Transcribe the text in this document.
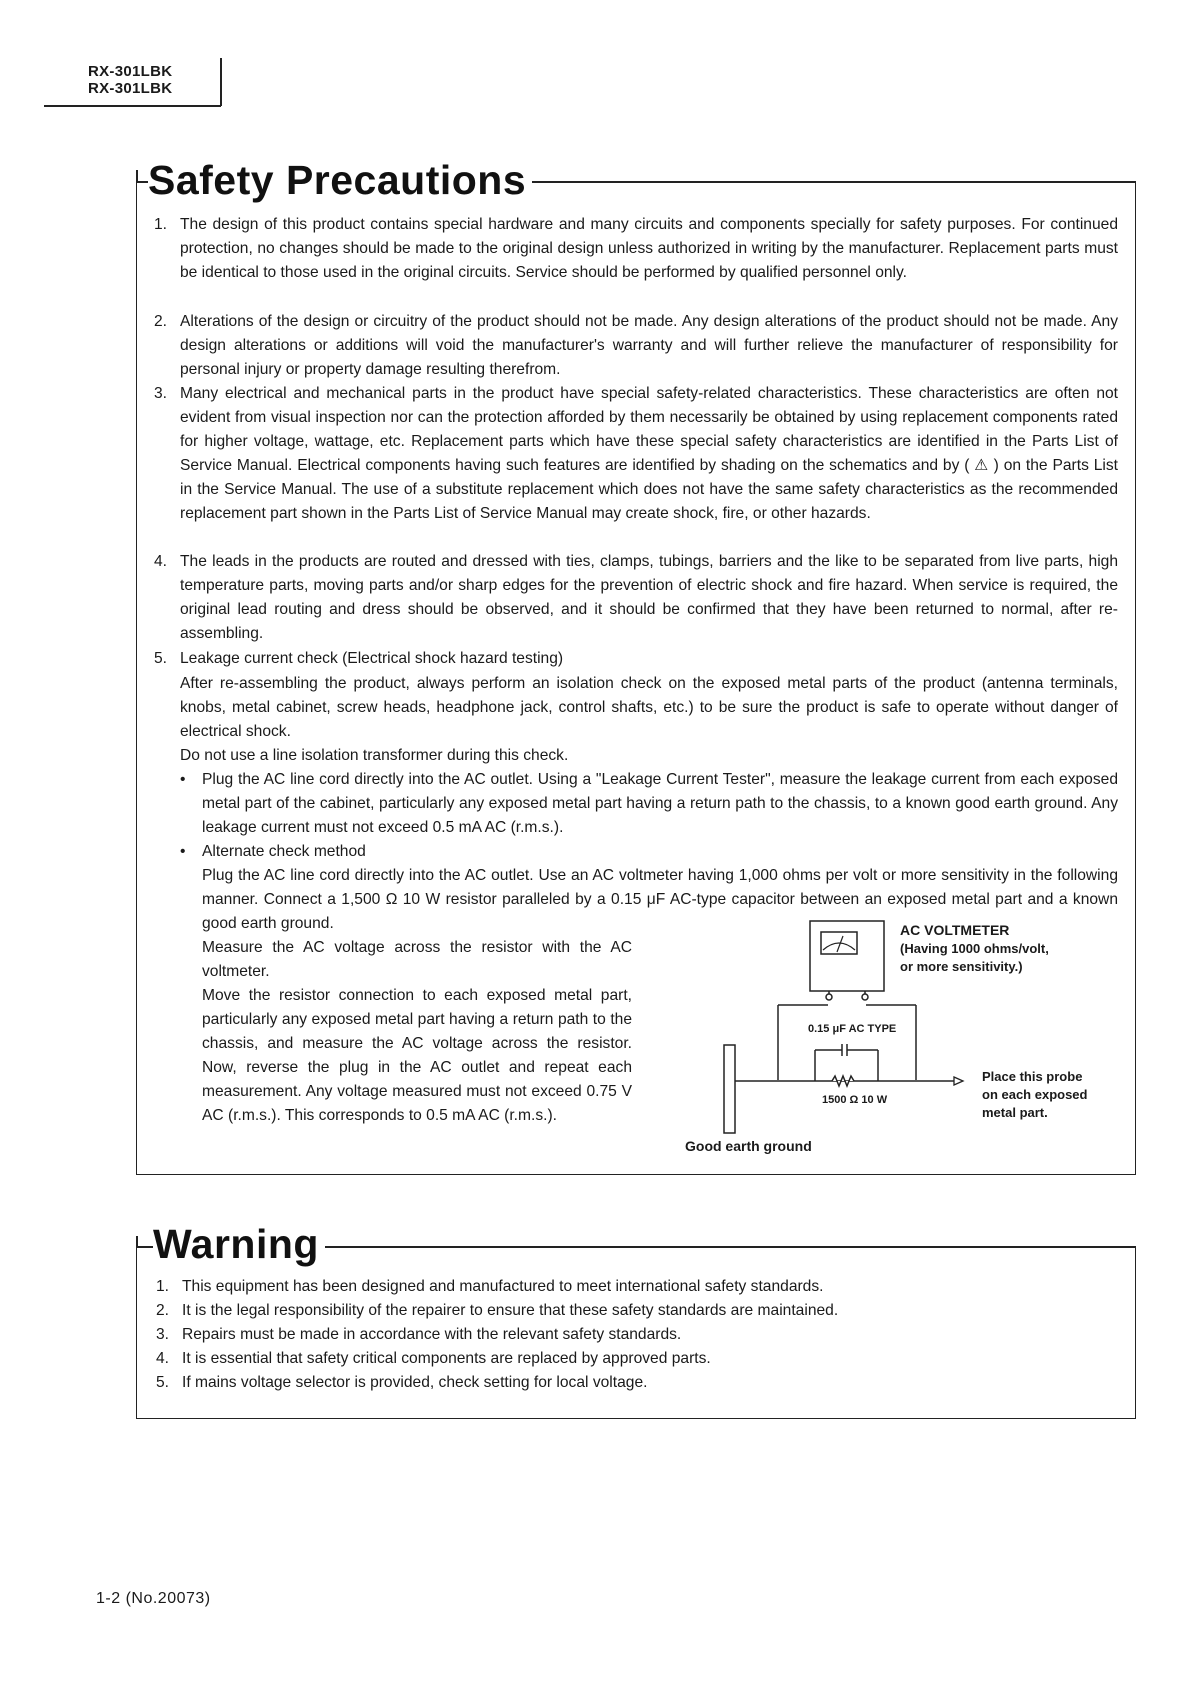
RX-301LBK
RX-301LBK
Safety Precautions
1. The design of this product contains special hardware and many circuits and components specially for safety purposes. For continued protection, no changes should be made to the original design unless authorized in writing by the manufacturer. Replacement parts must be identical to those used in the original circuits. Service should be performed by qualified personnel only.
2. Alterations of the design or circuitry of the product should not be made. Any design alterations of the product should not be made. Any design alterations or additions will void the manufacturer's warranty and will further relieve the manufacturer of responsibility for personal injury or property damage resulting therefrom.
3. Many electrical and mechanical parts in the product have special safety-related characteristics. These characteristics are often not evident from visual inspection nor can the protection afforded by them necessarily be obtained by using replacement components rated for higher voltage, wattage, etc. Replacement parts which have these special safety characteristics are identified in the Parts List of Service Manual. Electrical components having such features are identified by shading on the schematics and by ( ⚠ ) on the Parts List in the Service Manual. The use of a substitute replacement which does not have the same safety characteristics as the recommended replacement part shown in the Parts List of Service Manual may create shock, fire, or other hazards.
4. The leads in the products are routed and dressed with ties, clamps, tubings, barriers and the like to be separated from live parts, high temperature parts, moving parts and/or sharp edges for the prevention of electric shock and fire hazard. When service is required, the original lead routing and dress should be observed, and it should be confirmed that they have been returned to normal, after re-assembling.
5. Leakage current check (Electrical shock hazard testing)
After re-assembling the product, always perform an isolation check on the exposed metal parts of the product (antenna terminals, knobs, metal cabinet, screw heads, headphone jack, control shafts, etc.) to be sure the product is safe to operate without danger of electrical shock.
Do not use a line isolation transformer during this check.
• Plug the AC line cord directly into the AC outlet. Using a "Leakage Current Tester", measure the leakage current from each exposed metal part of the cabinet, particularly any exposed metal part having a return path to the chassis, to a known good earth ground. Any leakage current must not exceed 0.5 mA AC (r.m.s.).
• Alternate check method
Plug the AC line cord directly into the AC outlet. Use an AC voltmeter having 1,000 ohms per volt or more sensitivity in the following manner. Connect a 1,500 Ω 10 W resistor paralleled by a 0.15 μF AC-type capacitor between an exposed metal part and a known good earth ground.
Measure the AC voltage across the resistor with the AC voltmeter.
Move the resistor connection to each exposed metal part, particularly any exposed metal part having a return path to the chassis, and measure the AC voltage across the resistor. Now, reverse the plug in the AC outlet and repeat each measurement. Any voltage measured must not exceed 0.75 V AC (r.m.s.). This corresponds to 0.5 mA AC (r.m.s.).
AC VOLTMETER
(Having 1000 ohms/volt,
or more sensitivity.)
0.15 μF AC TYPE
1500 Ω 10 W
Place this probe
on each exposed
metal part.
Good earth ground
Warning
1. This equipment has been designed and manufactured to meet international safety standards.
2. It is the legal responsibility of the repairer to ensure that these safety standards are maintained.
3. Repairs must be made in accordance with the relevant safety standards.
4. It is essential that safety critical components are replaced by approved parts.
5. If mains voltage selector is provided, check setting for local voltage.
1-2 (No.20073)
